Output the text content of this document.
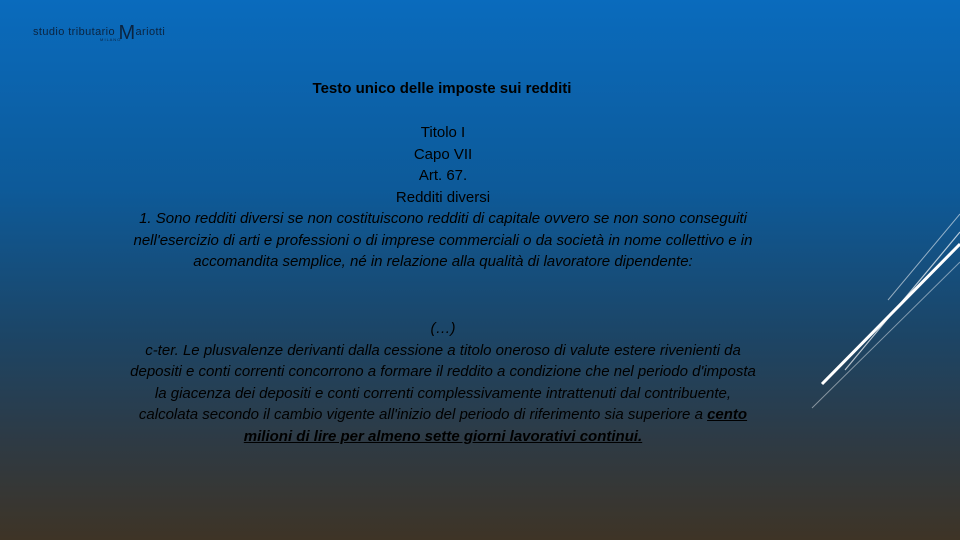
studio tributario Mariotti
M I L A N O
Testo unico delle imposte sui redditi

Titolo I

Capo VII

Art. 67.

Redditi diversi

1. Sono redditi diversi se non costituiscono redditi di capitale ovvero se non sono conseguiti nell'esercizio di arti e professioni o di imprese commerciali o da società in nome collettivo e in accomandita semplice, né in relazione alla qualità di lavoratore dipendente:

(…)

c-ter. Le plusvalenze derivanti dalla cessione a titolo oneroso di valute estere rivenienti da depositi e conti correnti concorrono a formare il reddito a condizione che nel periodo d'imposta la giacenza dei depositi e conti correnti complessivamente intrattenuti dal contribuente, calcolata secondo il cambio vigente all'inizio del periodo di riferimento sia superiore a cento milioni di lire per almeno sette giorni lavorativi continui.
